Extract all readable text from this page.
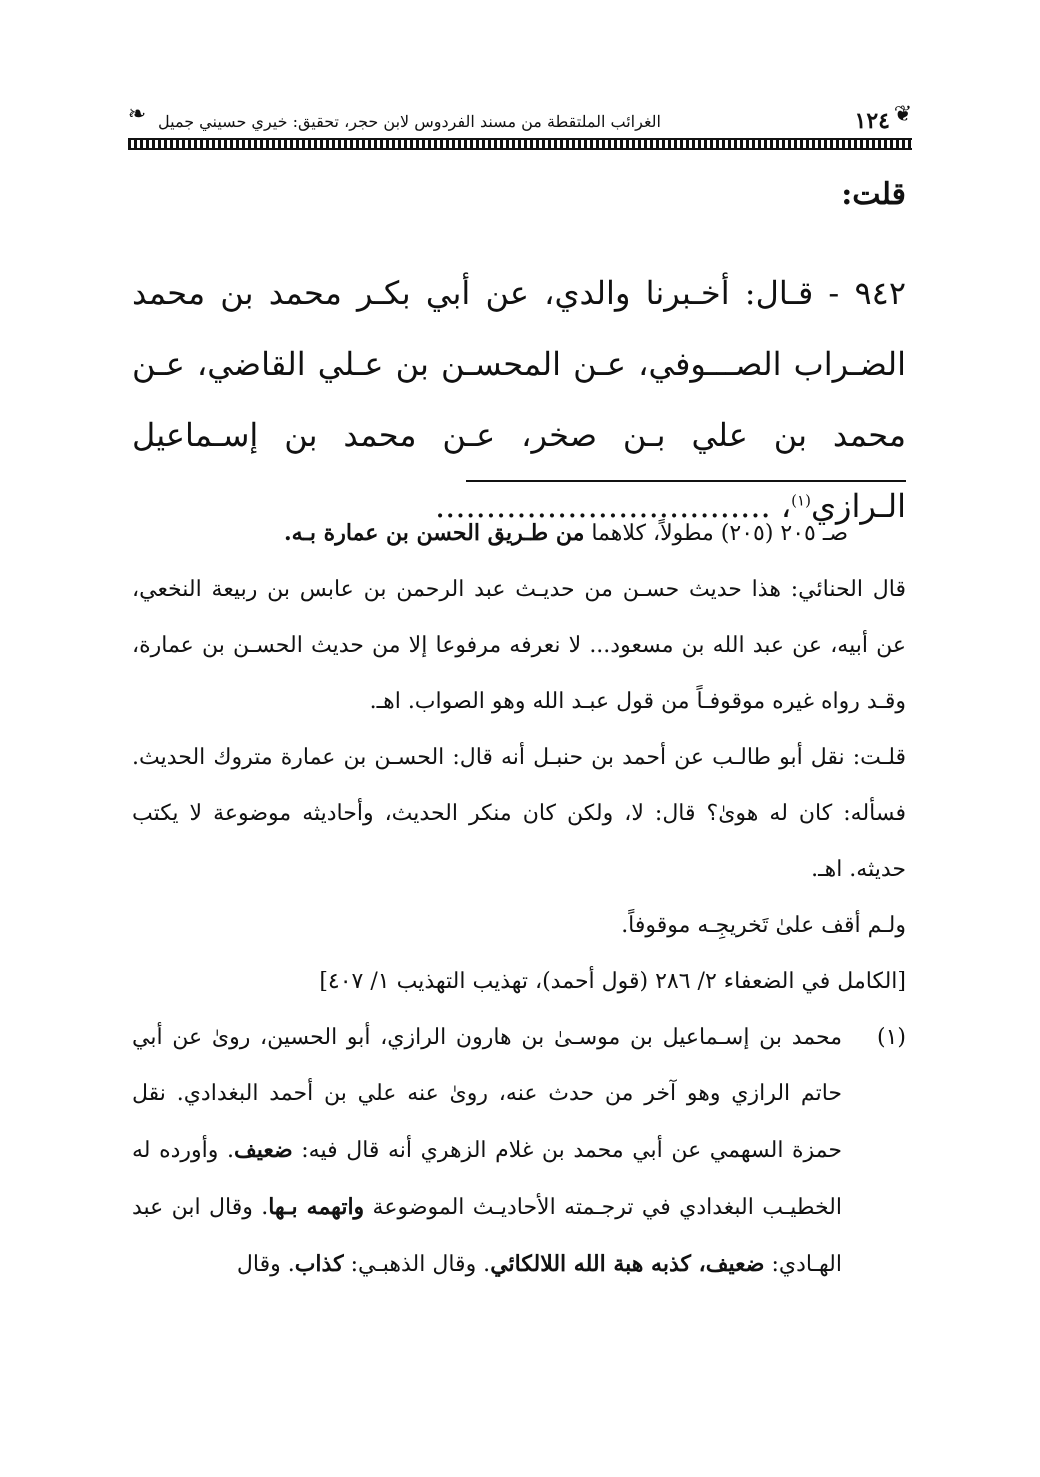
١٢٤
الغرائب الملتقطة من مسند الفردوس لابن حجر، تحقيق: خيري حسيني جميل	❦
❧

قلت:

٩٤٢ - قـال: أخـبرنا والدي، عن أبي بكـر محمد بن محمد الضـراب الصـــوفي، عـن المحسـن بن عـلي القاضي، عـن محمد بن علي بـن صخر، عـن محمد بن إسـماعيل الـرازي$^{(١)}$، .................................

صـ ٢٠٥ (٢٠٥) مطولاً، كلاهما من طـريق الحسن بن عمارة بـه.

قال الحنائي: هذا حديث حسـن من حديـث عبد الرحمن بن عابس بن ربيعة النخعي، عن أبيه، عن عبد الله بن مسعود... لا نعرفه مرفوعا إلا من حديث الحسـن بن عمارة، وقـد رواه غيره موقوفـاً من قول عبـد الله وهو الصواب. اهـ.

قلـت: نقل أبو طالـب عن أحمد بن حنبـل أنه قال: الحسـن بن عمارة متروك الحديث. فسأله: كان له هوىٰ؟ قال: لا، ولكن كان منكر الحديث، وأحاديثه موضوعة لا يكتب حديثه. اهـ.

ولـم أقف علىٰ تَخريجِـه موقوفاً.

[الكامل في الضعفاء ٢/ ٢٨٦ (قول أحمد)، تهذيب التهذيب ١/ ٤٠٧]

(١)
محمد بن إسـماعيل بن موسـىٰ بن هارون الرازي، أبو الحسين، روىٰ عن أبي حاتم الرازي وهو آخر من حدث عنه، روىٰ عنه علي بن أحمد البغدادي. نقل حمزة السهمي عن أبي محمد بن غلام الزهري أنه قال فيه: ضعيف. وأورده له الخطيـب البغدادي في ترجـمته الأحاديـث الموضوعة واتهمه بـها. وقال ابن عبد الهـادي: ضعيف، كذبه هبة الله اللالكائي. وقال الذهبـي: كذاب. وقال
